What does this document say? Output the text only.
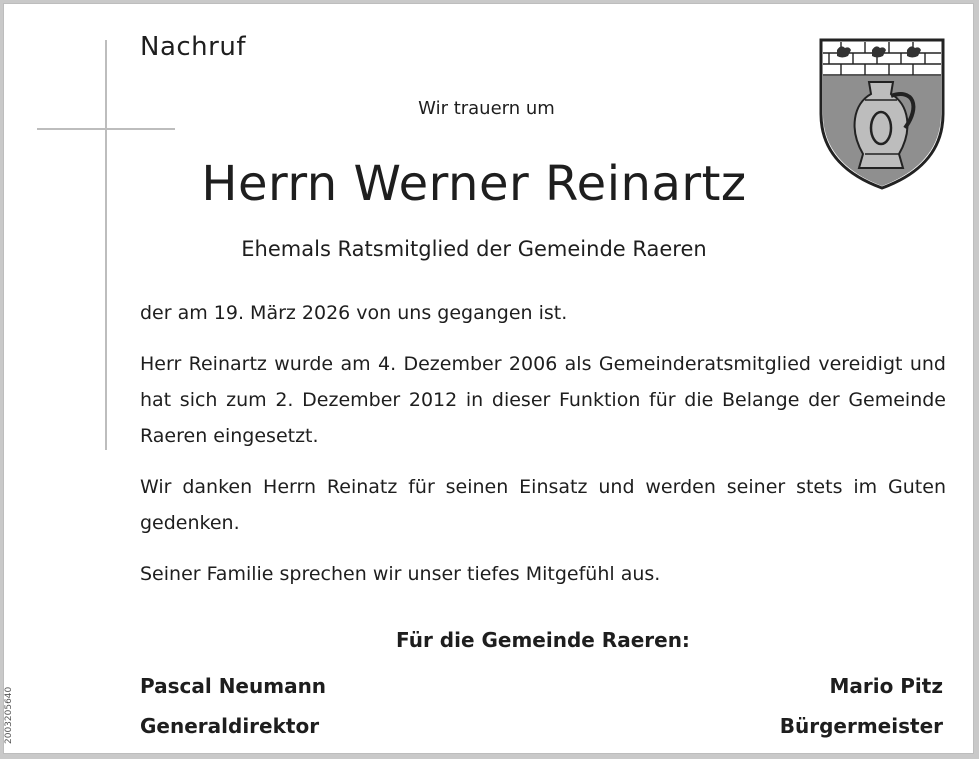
Nachruf
Wir trauern um
Herrn Werner Reinartz
Ehemals Ratsmitglied der Gemeinde Raeren

der am 19. März 2026 von uns gegangen ist.

Herr Reinartz wurde am 4. Dezember 2006 als Gemeinderatsmitglied vereidigt und hat sich zum 2. Dezember 2012 in dieser Funktion für die Belange der Gemeinde Raeren eingesetzt.

Wir danken Herrn Reinatz für seinen Einsatz und werden seiner stets im Guten gedenken.

Seiner Familie sprechen wir unser tiefes Mitgefühl aus.

Für die Gemeinde Raeren:
Pascal Neumann
Generaldirektor
Mario Pitz
Bürgermeister
2003205640
